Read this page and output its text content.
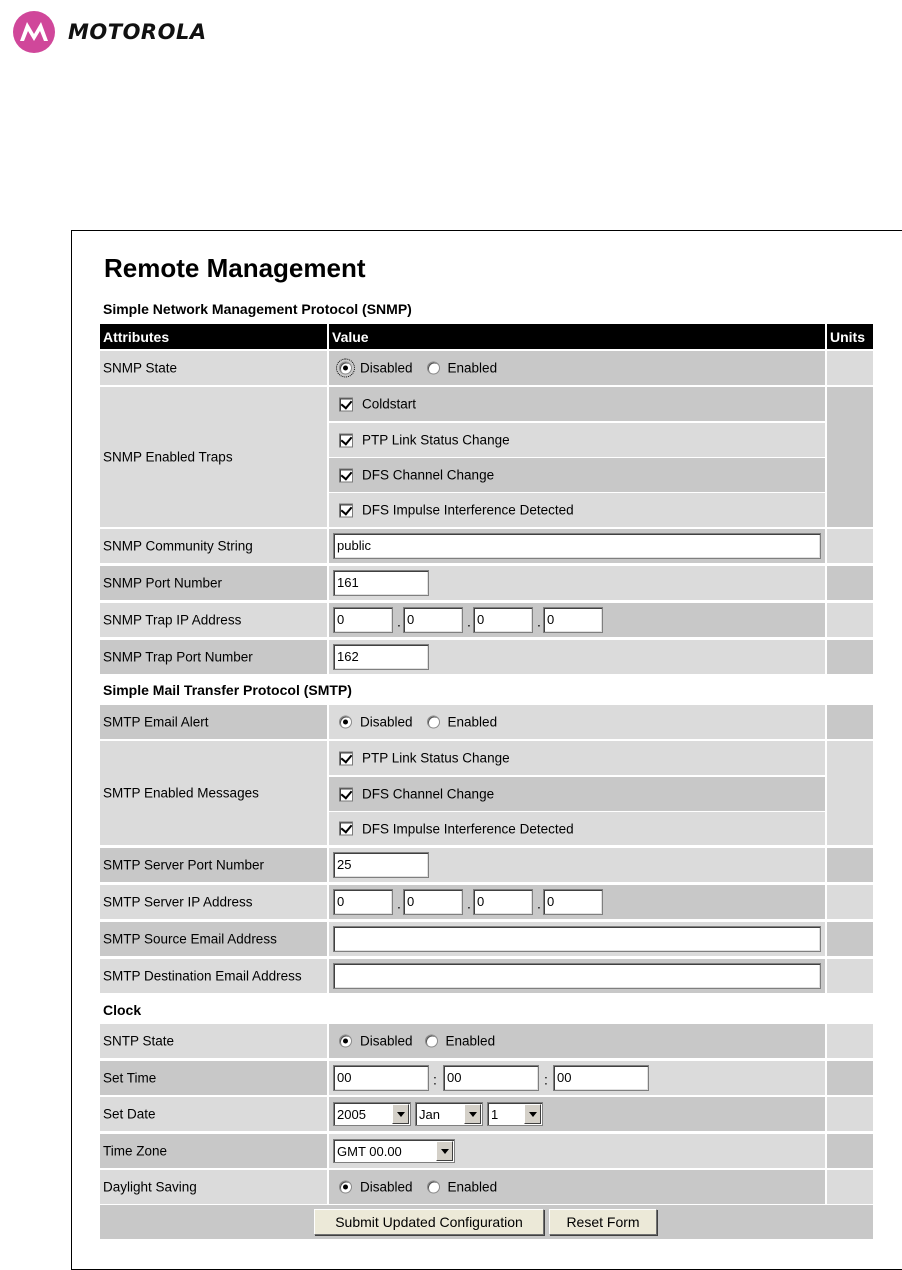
MOTOROLA
Remote Management
Simple Network Management Protocol (SNMP)
Attributes	Value	Units
SNMP State	Disabled	Enabled
SNMP Enabled Traps
Coldstart
PTP Link Status Change
DFS Channel Change
DFS Impulse Interference Detected
SNMP Community String	public
SNMP Port Number	161
SNMP Trap IP Address	0	. 0	. 0	. 0
SNMP Trap Port Number	162
Simple Mail Transfer Protocol (SMTP)
SMTP Email Alert	Disabled	Enabled
SMTP Enabled Messages
PTP Link Status Change
DFS Channel Change
DFS Impulse Interference Detected
SMTP Server Port Number	25
SMTP Server IP Address	0	. 0	. 0	. 0
SMTP Source Email Address
SMTP Destination Email Address
Clock
SNTP State	Disabled Enabled
Set Time	00	: 00	: 00
Set Date	2005	Jan	1
Time Zone	GMT 00.00
Daylight Saving	Disabled	Enabled
Submit Updated Configuration	Reset Form
